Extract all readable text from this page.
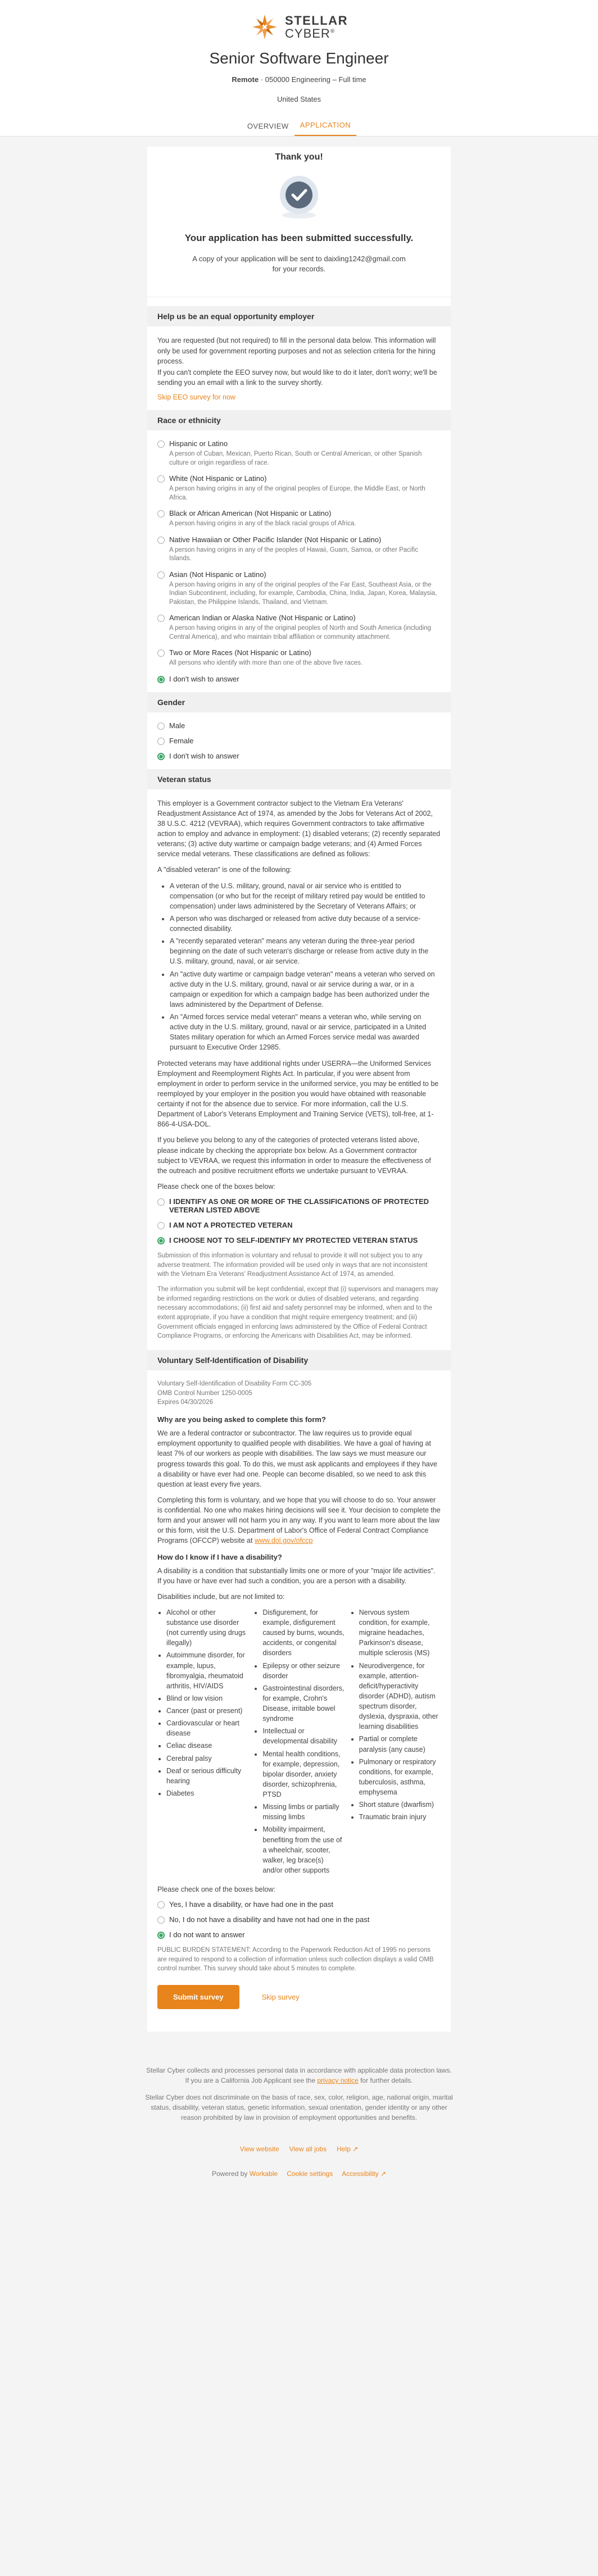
STELLAR
CYBER®
Senior Software Engineer
Remote · 050000 Engineering – Full time
United States
OVERVIEW	APPLICATION
Thank you!
Your application has been submitted successfully.

A copy of your application will be sent to daixling1242@gmail.com

for your records.

Help us be an equal opportunity employer

You are requested (but not required) to fill in the personal data below. This information will only be used for government reporting purposes and not as selection criteria for the hiring process.

If you can't complete the EEO survey now, but would like to do it later, don't worry; we'll be sending you an email with a link to the survey shortly.

Skip EEO survey for now
Race or ethnicity
Hispanic or Latino
A person of Cuban, Mexican, Puerto Rican, South or Central American, or other Spanish culture or origin regardless of race.
White (Not Hispanic or Latino)
A person having origins in any of the original peoples of Europe, the Middle East, or North Africa.
Black or African American (Not Hispanic or Latino)
A person having origins in any of the black racial groups of Africa.
Native Hawaiian or Other Pacific Islander (Not Hispanic or Latino)
A person having origins in any of the peoples of Hawaii, Guam, Samoa, or other Pacific Islands.
Asian (Not Hispanic or Latino)
A person having origins in any of the original peoples of the Far East, Southeast Asia, or the Indian Subcontinent, including, for example, Cambodia, China, India, Japan, Korea, Malaysia, Pakistan, the Philippine Islands, Thailand, and Vietnam.
American Indian or Alaska Native (Not Hispanic or Latino)
A person having origins in any of the original peoples of North and South America (including Central America), and who maintain tribal affiliation or community attachment.
Two or More Races (Not Hispanic or Latino)
All persons who identify with more than one of the above five races.
I don't wish to answer
Gender
Male
Female
I don't wish to answer
Veteran status

This employer is a Government contractor subject to the Vietnam Era Veterans' Readjustment Assistance Act of 1974, as amended by the Jobs for Veterans Act of 2002, 38 U.S.C. 4212 (VEVRAA), which requires Government contractors to take affirmative action to employ and advance in employment: (1) disabled veterans; (2) recently separated veterans; (3) active duty wartime or campaign badge veterans; and (4) Armed Forces service medal veterans. These classifications are defined as follows:

A "disabled veteran" is one of the following:

• A veteran of the U.S. military, ground, naval or air service who is entitled to compensation (or who but for the receipt of military retired pay would be entitled to compensation) under laws administered by the Secretary of Veterans Affairs; or
• A person who was discharged or released from active duty because of a service-connected disability.
• A "recently separated veteran" means any veteran during the three-year period beginning on the date of such veteran's discharge or release from active duty in the U.S. military, ground, naval, or air service.
• An "active duty wartime or campaign badge veteran" means a veteran who served on active duty in the U.S. military, ground, naval or air service during a war, or in a campaign or expedition for which a campaign badge has been authorized under the laws administered by the Department of Defense.
• An "Armed forces service medal veteran" means a veteran who, while serving on active duty in the U.S. military, ground, naval or air service, participated in a United States military operation for which an Armed Forces service medal was awarded pursuant to Executive Order 12985.

Protected veterans may have additional rights under USERRA—the Uniformed Services Employment and Reemployment Rights Act. In particular, if you were absent from employment in order to perform service in the uniformed service, you may be entitled to be reemployed by your employer in the position you would have obtained with reasonable certainty if not for the absence due to service. For more information, call the U.S. Department of Labor's Veterans Employment and Training Service (VETS), toll-free, at 1-866-4-USA-DOL.

If you believe you belong to any of the categories of protected veterans listed above, please indicate by checking the appropriate box below. As a Government contractor subject to VEVRAA, we request this information in order to measure the effectiveness of the outreach and positive recruitment efforts we undertake pursuant to VEVRAA.

Please check one of the boxes below:

I IDENTIFY AS ONE OR MORE OF THE CLASSIFICATIONS OF PROTECTED VETERAN LISTED ABOVE
I AM NOT A PROTECTED VETERAN
I CHOOSE NOT TO SELF-IDENTIFY MY PROTECTED VETERAN STATUS

Submission of this information is voluntary and refusal to provide it will not subject you to any adverse treatment. The information provided will be used only in ways that are not inconsistent with the Vietnam Era Veterans' Readjustment Assistance Act of 1974, as amended.

The information you submit will be kept confidential, except that (i) supervisors and managers may be informed regarding restrictions on the work or duties of disabled veterans, and regarding necessary accommodations; (ii) first aid and safety personnel may be informed, when and to the extent appropriate, if you have a condition that might require emergency treatment; and (iii) Government officials engaged in enforcing laws administered by the Office of Federal Contract Compliance Programs, or enforcing the Americans with Disabilities Act, may be informed.

Voluntary Self-Identification of Disability
Voluntary Self-Identification of Disability Form CC-305
OMB Control Number 1250-0005
Expires 04/30/2026
Why are you being asked to complete this form?

We are a federal contractor or subcontractor. The law requires us to provide equal employment opportunity to qualified people with disabilities. We have a goal of having at least 7% of our workers as people with disabilities. The law says we must measure our progress towards this goal. To do this, we must ask applicants and employees if they have a disability or have ever had one. People can become disabled, so we need to ask this question at least every five years.

Completing this form is voluntary, and we hope that you will choose to do so. Your answer is confidential. No one who makes hiring decisions will see it. Your decision to complete the form and your answer will not harm you in any way. If you want to learn more about the law or this form, visit the U.S. Department of Labor's Office of Federal Contract Compliance Programs (OFCCP) website at www.dol.gov/ofccp

How do I know if I have a disability?

A disability is a condition that substantially limits one or more of your "major life activities". If you have or have ever had such a condition, you are a person with a disability.

Disabilities include, but are not limited to:

• Alcohol or other substance use disorder (not currently using drugs illegally)
• Autoimmune disorder, for example, lupus, fibromyalgia, rheumatoid arthritis, HIV/AIDS
• Blind or low vision
• Cancer (past or present)
• Cardiovascular or heart disease
• Celiac disease
• Cerebral palsy
• Deaf or serious difficulty hearing
• Diabetes
• Disfigurement, for example, disfigurement caused by burns, wounds, accidents, or congenital disorders
• Epilepsy or other seizure disorder
• Gastrointestinal disorders, for example, Crohn's Disease, irritable bowel syndrome
• Intellectual or developmental disability
• Mental health conditions, for example, depression, bipolar disorder, anxiety disorder, schizophrenia, PTSD
• Missing limbs or partially missing limbs
• Mobility impairment, benefiting from the use of a wheelchair, scooter, walker, leg brace(s) and/or other supports
• Nervous system condition, for example, migraine headaches, Parkinson's disease, multiple sclerosis (MS)
• Neurodivergence, for example, attention-deficit/hyperactivity disorder (ADHD), autism spectrum disorder, dyslexia, dyspraxia, other learning disabilities
• Partial or complete paralysis (any cause)
• Pulmonary or respiratory conditions, for example, tuberculosis, asthma, emphysema
• Short stature (dwarfism)
• Traumatic brain injury

Please check one of the boxes below:

Yes, I have a disability, or have had one in the past
No, I do not have a disability and have not had one in the past
I do not want to answer

PUBLIC BURDEN STATEMENT: According to the Paperwork Reduction Act of 1995 no persons are required to respond to a collection of information unless such collection displays a valid OMB control number. This survey should take about 5 minutes to complete.

Submit survey	Skip survey

Stellar Cyber collects and processes personal data in accordance with applicable data protection laws.

If you are a California Job Applicant see the privacy notice for further details.

Stellar Cyber does not discriminate on the basis of race, sex, color, religion, age, national origin, marital status, disability, veteran status, genetic information, sexual orientation, gender identity or any other reason prohibited by law in provision of employment opportunities and benefits.

View website View all jobs Help ↗
Powered by Workable Cookie settings Accessibility ↗
